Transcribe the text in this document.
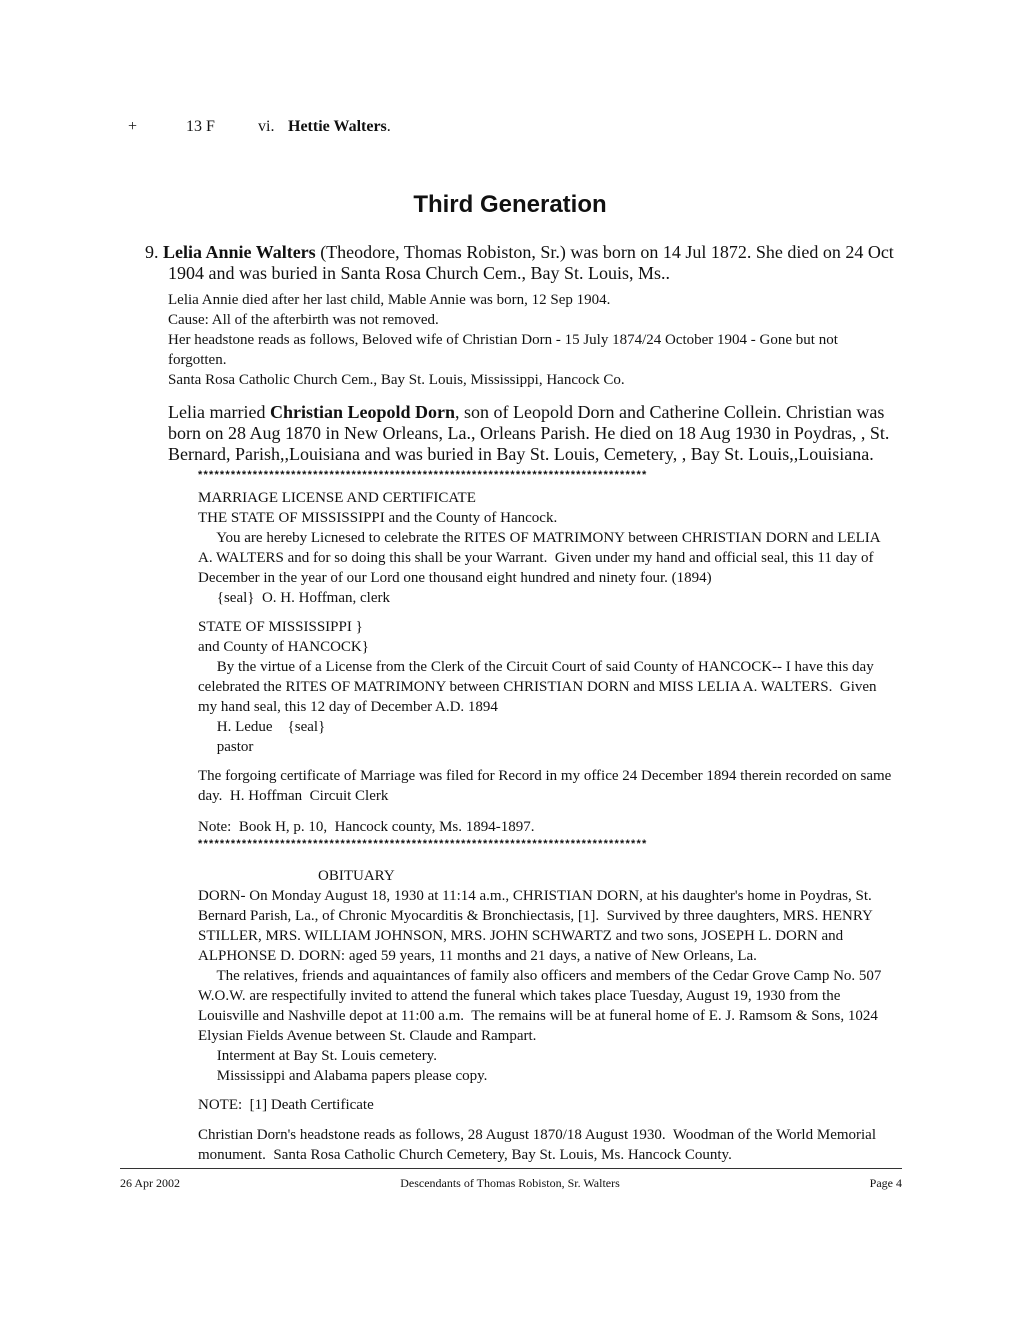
+	13 F	vi. Hettie Walters.
Third Generation
9. Lelia Annie Walters (Theodore, Thomas Robiston, Sr.) was born on 14 Jul 1872. She died on 24 Oct
1904 and was buried in Santa Rosa Church Cem., Bay St. Louis, Ms..
Lelia Annie died after her last child, Mable Annie was born, 12 Sep 1904.
Cause: All of the afterbirth was not removed.
Her headstone reads as follows, Beloved wife of Christian Dorn - 15 July 1874/24 October 1904 - Gone but not
forgotten.
Santa Rosa Catholic Church Cem., Bay St. Louis, Mississippi, Hancock Co.
Lelia married Christian Leopold Dorn, son of Leopold Dorn and Catherine Collein. Christian was
born on 28 Aug 1870 in New Orleans, La., Orleans Parish. He died on 18 Aug 1930 in Poydras, , St.
Bernard, Parish,,Louisiana and was buried in Bay St. Louis, Cemetery, , Bay St. Louis,,Louisiana.
**********************************************************************************
MARRIAGE LICENSE AND CERTIFICATE
THE STATE OF MISSISSIPPI and the County of Hancock.
You are hereby Licnesed to celebrate the RITES OF MATRIMONY between CHRISTIAN DORN and LELIA
A. WALTERS and for so doing this shall be your Warrant.  Given under my hand and official seal, this 11 day of
December in the year of our Lord one thousand eight hundred and ninety four. (1894)
{seal}  O. H. Hoffman, clerk
STATE OF MISSISSIPPI }
and County of HANCOCK}
By the virtue of a License from the Clerk of the Circuit Court of said County of HANCOCK-- I have this day
celebrated the RITES OF MATRIMONY between CHRISTIAN DORN and MISS LELIA A. WALTERS.  Given
my hand seal, this 12 day of December A.D. 1894
H. Ledue    {seal}
pastor
The forgoing certificate of Marriage was filed for Record in my office 24 December 1894 therein recorded on same
day.  H. Hoffman  Circuit Clerk
Note:  Book H, p. 10,  Hancock county, Ms. 1894-1897.
**********************************************************************************
OBITUARY
DORN- On Monday August 18, 1930 at 11:14 a.m., CHRISTIAN DORN, at his daughter's home in Poydras, St.
Bernard Parish, La., of Chronic Myocarditis & Bronchiectasis, [1].  Survived by three daughters, MRS. HENRY
STILLER, MRS. WILLIAM JOHNSON, MRS. JOHN SCHWARTZ and two sons, JOSEPH L. DORN and
ALPHONSE D. DORN: aged 59 years, 11 months and 21 days, a native of New Orleans, La.
The relatives, friends and aquaintances of family also officers and members of the Cedar Grove Camp No. 507
W.O.W. are respectifully invited to attend the funeral which takes place Tuesday, August 19, 1930 from the
Louisville and Nashville depot at 11:00 a.m.  The remains will be at funeral home of E. J. Ramsom & Sons, 1024
Elysian Fields Avenue between St. Claude and Rampart.
Interment at Bay St. Louis cemetery.
Mississippi and Alabama papers please copy.
NOTE:  [1] Death Certificate
Christian Dorn's headstone reads as follows, 28 August 1870/18 August 1930.  Woodman of the World Memorial
monument.  Santa Rosa Catholic Church Cemetery, Bay St. Louis, Ms. Hancock County.
26 Apr 2002	Descendants of Thomas Robiston, Sr. Walters	Page 4
